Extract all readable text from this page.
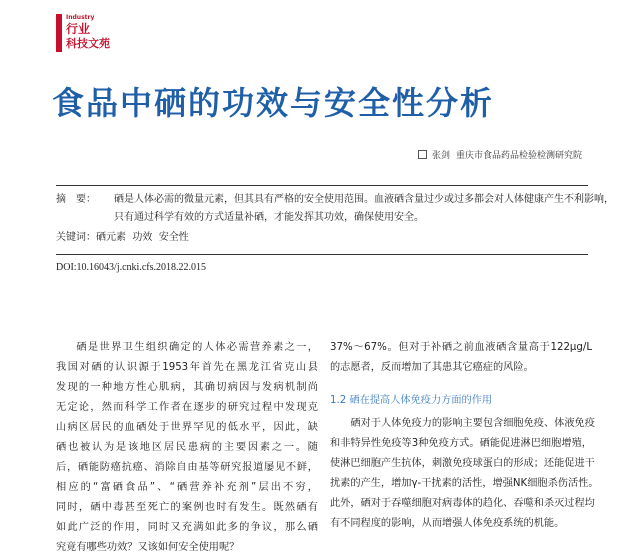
Industry
行业
科技文苑
食品中硒的功效与安全性分析
张剑 重庆市食品药品检验检测研究院
摘　要： 硒是人体必需的微量元素，但其具有严格的安全使用范围。血液硒含量过少或过多都会对人体健康产生不利影响，
只有通过科学有效的方式适量补硒，才能发挥其功效，确保使用安全。
关键词：硒元素  功效  安全性
DOI:10.16043/j.cnki.cfs.2018.22.015
硒是世界卫生组织确定的人体必需营养素之一，
我国对硒的认识源于1953年首先在黑龙江省克山县
发现的一种地方性心肌病，其确切病因与发病机制尚
无定论，然而科学工作者在逐步的研究过程中发现克
山病区居民的血硒处于世界罕见的低水平，因此，缺
硒也被认为是该地区居民患病的主要因素之一。随
后，硒能防癌抗癌、消除自由基等研究报道屡见不鲜，
相应的“富硒食品”、“硒营养补充剂”层出不穷，
同时，硒中毒甚至死亡的案例也时有发生。既然硒有
如此广泛的作用，同时又充满如此多的争议，那么硒
究竟有哪些功效？又该如何安全使用呢？
37%～67%。但对于补硒之前血液硒含量高于122μg/L
的志愿者，反而增加了其患其它癌症的风险。
1.2 硒在提高人体免疫力方面的作用
硒对于人体免疫力的影响主要包含细胞免疫、体液免疫
和非特异性免疫等3种免疫方式。硒能促进淋巴细胞增殖，
使淋巴细胞产生抗体，刺激免疫球蛋白的形成；还能促进干
扰素的产生，增加γ-干扰素的活性，增强NK细胞杀伤活性。
此外，硒对于吞噬细胞对病毒体的趋化、吞噬和杀灭过程均
有不同程度的影响，从而增强人体免疫系统的机能。
